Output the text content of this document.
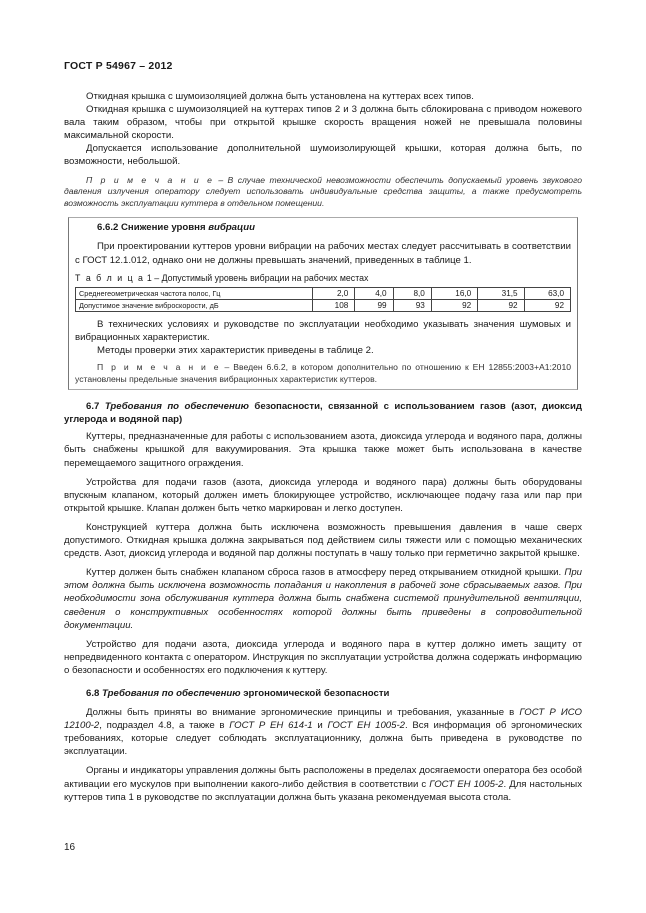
ГОСТ Р 54967 – 2012

Откидная крышка с шумоизоляцией должна быть установлена на куттерах всех типов.

Откидная крышка с шумоизоляцией на куттерах типов 2 и 3 должна быть сблокирована с приводом ножевого вала таким образом, чтобы при открытой крышке скорость вращения ножей не превышала половины максимальной скорости.

Допускается использование дополнительной шумоизолирующей крышки, которая должна быть, по возможности, небольшой.

П р и м е ч а н и е – В случае технической невозможности обеспечить допускаемый уровень звукового давления излучения оператору следует использовать индивидуальные средства защиты, а также предусмотреть возможность эксплуатации куттера в отдельном помещении.

6.6.2 Снижение уровня вибрации

При проектировании куттеров уровни вибрации на рабочих местах следует рассчитывать в соответствии с ГОСТ 12.1.012, однако они не должны превышать значений, приведенных в таблице 1.

Т а б л и ц а 1 – Допустимый уровень вибрации на рабочих местах
Среднегеометрическая частота полос, Гц	2,0	4,0	8,0	16,0	31,5	63,0
Допустимое значение виброскорости, дБ	108	99	93	92	92	92

В технических условиях и руководстве по эксплуатации необходимо указывать значения шумовых и вибрационных характеристик.

Методы проверки этих характеристик приведены в таблице 2.

П р и м е ч а н и е – Введен 6.6.2, в котором дополнительно по отношению к ЕН 12855:2003+А1:2010 установлены предельные значения вибрационных характеристик куттеров.

6.7 Требования по обеспечению безопасности, связанной с использованием газов (азот, диоксид углерода и водяной пар)

Куттеры, предназначенные для работы с использованием азота, диоксида углерода и водяного пара, должны быть снабжены крышкой для вакуумирования. Эта крышка также может быть использована в качестве перемещаемого защитного ограждения.

Устройства для подачи газов (азота, диоксида углерода и водяного пара) должны быть оборудованы впускным клапаном, который должен иметь блокирующее устройство, исключающее подачу газа или пар при открытой крышке. Клапан должен быть четко маркирован и легко доступен.

Конструкцией куттера должна быть исключена возможность превышения давления в чаше сверх допустимого. Откидная крышка должна закрываться под действием силы тяжести или с помощью механических средств. Азот, диоксид углерода и водяной пар должны поступать в чашу только при герметично закрытой крышке.

Куттер должен быть снабжен клапаном сброса газов в атмосферу перед открыванием откидной крышки. При этом должна быть исключена возможность попадания и накопления в рабочей зоне сбрасываемых газов. При необходимости зона обслуживания куттера должна быть снабжена системой принудительной вентиляции, сведения о конструктивных особенностях которой должны быть приведены в сопроводительной документации.

Устройство для подачи азота, диоксида углерода и водяного пара в куттер должно иметь защиту от непредвиденного контакта с оператором. Инструкция по эксплуатации устройства должна содержать информацию о безопасности и особенностях его подключения к куттеру.

6.8 Требования по обеспечению эргономической безопасности

Должны быть приняты во внимание эргономические принципы и требования, указанные в ГОСТ Р ИСО 12100-2, подраздел 4.8, а также в ГОСТ Р ЕН 614-1 и ГОСТ ЕН 1005-2. Вся информация об эргономических требованиях, которые следует соблюдать эксплуатационнику, должна быть приведена в руководстве по эксплуатации.

Органы и индикаторы управления должны быть расположены в пределах досягаемости оператора без особой активации его мускулов при выполнении какого-либо действия в соответствии с ГОСТ ЕН 1005-2. Для настольных куттеров типа 1 в руководстве по эксплуатации должна быть указана рекомендуемая высота стола.

16
